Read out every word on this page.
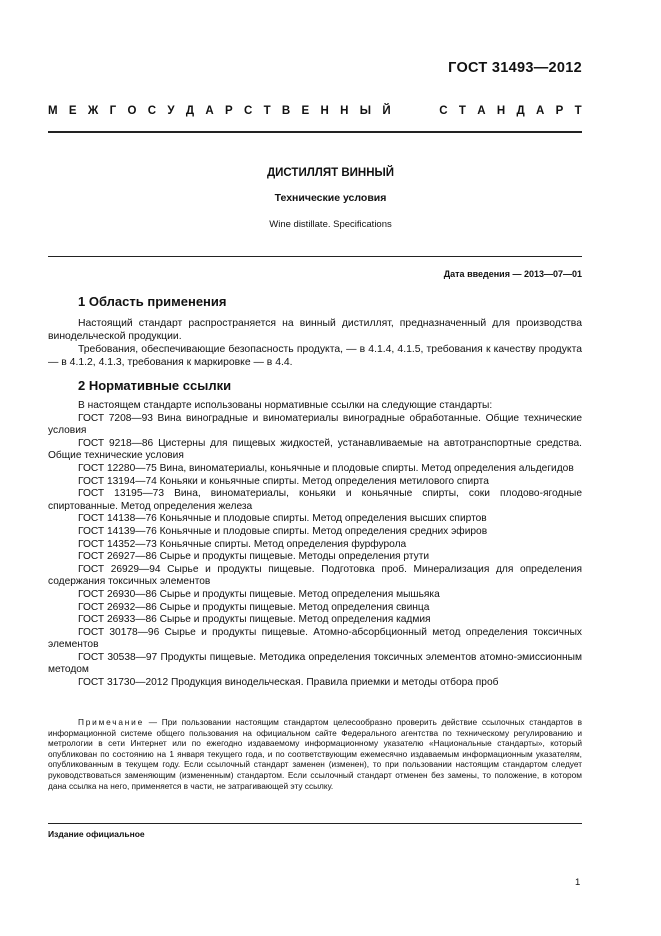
ГОСТ 31493—2012
М Е Ж Г О С У Д А Р С Т В Е Н Н Ы Й	С Т А Н Д А Р Т
ДИСТИЛЛЯТ ВИННЫЙ
Технические условия
Wine distillate. Specifications
Дата введения — 2013—07—01
1 Область применения

Настоящий стандарт распространяется на винный дистиллят, предназначенный для производства винодельческой продукции.

Требования, обеспечивающие безопасность продукта, — в 4.1.4, 4.1.5, требования к качеству продукта — в 4.1.2, 4.1.3, требования к маркировке — в 4.4.

2 Нормативные ссылки

В настоящем стандарте использованы нормативные ссылки на следующие стандарты:

ГОСТ 7208—93 Вина виноградные и виноматериалы виноградные обработанные. Общие технические условия

ГОСТ 9218—86 Цистерны для пищевых жидкостей, устанавливаемые на автотранспортные средства. Общие технические условия

ГОСТ 12280—75 Вина, виноматериалы, коньячные и плодовые спирты. Метод определения альдегидов

ГОСТ 13194—74 Коньяки и коньячные спирты. Метод определения метилового спирта

ГОСТ 13195—73 Вина, виноматериалы, коньяки и коньячные спирты, соки плодово-ягодные спиртованные. Метод определения железа

ГОСТ 14138—76 Коньячные и плодовые спирты. Метод определения высших спиртов

ГОСТ 14139—76 Коньячные и плодовые спирты. Метод определения средних эфиров

ГОСТ 14352—73 Коньячные спирты. Метод определения фурфурола

ГОСТ 26927—86 Сырье и продукты пищевые. Методы определения ртути

ГОСТ 26929—94 Сырье и продукты пищевые. Подготовка проб. Минерализация для определения содержания токсичных элементов

ГОСТ 26930—86 Сырье и продукты пищевые. Метод определения мышьяка

ГОСТ 26932—86 Сырье и продукты пищевые. Метод определения свинца

ГОСТ 26933—86 Сырье и продукты пищевые. Метод определения кадмия

ГОСТ 30178—96 Сырье и продукты пищевые. Атомно-абсорбционный метод определения токсичных элементов

ГОСТ 30538—97 Продукты пищевые. Методика определения токсичных элементов атомно-эмиссионным методом

ГОСТ 31730—2012 Продукция винодельческая. Правила приемки и методы отбора проб

Примечание — При пользовании настоящим стандартом целесообразно проверить действие ссылочных стандартов в информационной системе общего пользования на официальном сайте Федерального агентства по техническому регулированию и метрологии в сети Интернет или по ежегодно издаваемому информационному указателю «Национальные стандарты», который опубликован по состоянию на 1 января текущего года, и по соответствующим ежемесячно издаваемым информационным указателям, опубликованным в текущем году. Если ссылочный стандарт заменен (изменен), то при пользовании настоящим стандартом следует руководствоваться заменяющим (измененным) стандартом. Если ссылочный стандарт отменен без замены, то положение, в котором дана ссылка на него, применяется в части, не затрагивающей эту ссылку.

Издание официальное
1
